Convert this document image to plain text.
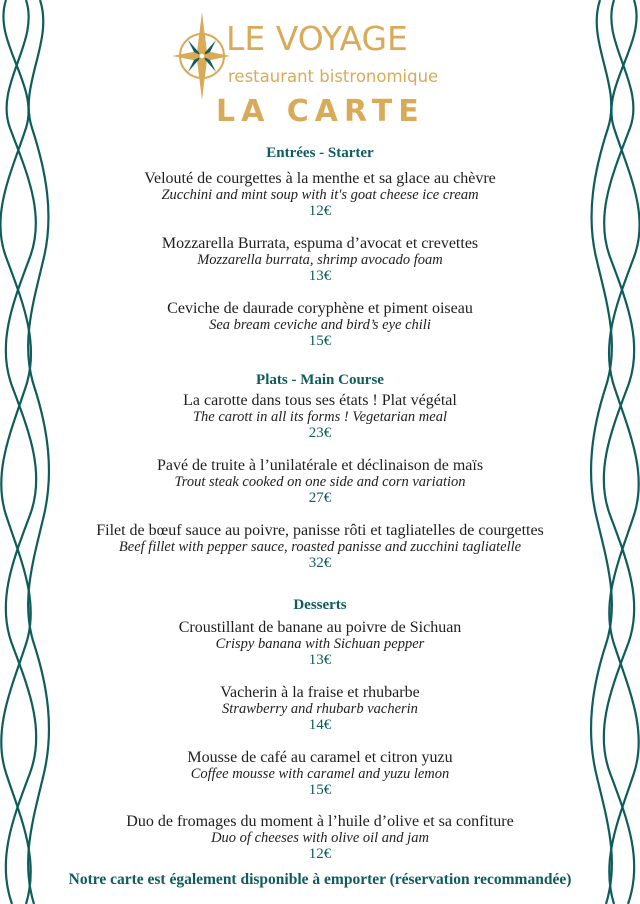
LE VOYAGE
restaurant bistronomique
LA CARTE
Entrées - Starter
Velouté de courgettes à la menthe et sa glace au chèvre
Zucchini and mint soup with it's goat cheese ice cream
12€
Mozzarella Burrata, espuma d’avocat et crevettes
Mozzarella burrata, shrimp avocado foam
13€
Ceviche de daurade coryphène et piment oiseau
Sea bream ceviche and bird’s eye chili
15€
Plats - Main Course
La carotte dans tous ses états ! Plat végétal
The carott in all its forms ! Vegetarian meal
23€
Pavé de truite à l’unilatérale et déclinaison de maïs
Trout steak cooked on one side and corn variation
27€
Filet de bœuf sauce au poivre, panisse rôti et tagliatelles de courgettes
Beef fillet with pepper sauce, roasted panisse and zucchini tagliatelle
32€
Desserts
Croustillant de banane au poivre de Sichuan
Crispy banana with Sichuan pepper
13€
Vacherin à la fraise et rhubarbe
Strawberry and rhubarb vacherin
14€
Mousse de café au caramel et citron yuzu
Coffee mousse with caramel and yuzu lemon
15€
Duo de fromages du moment à l’huile d’olive et sa confiture
Duo of cheeses with olive oil and jam
12€
Notre carte est également disponible à emporter (réservation recommandée)
